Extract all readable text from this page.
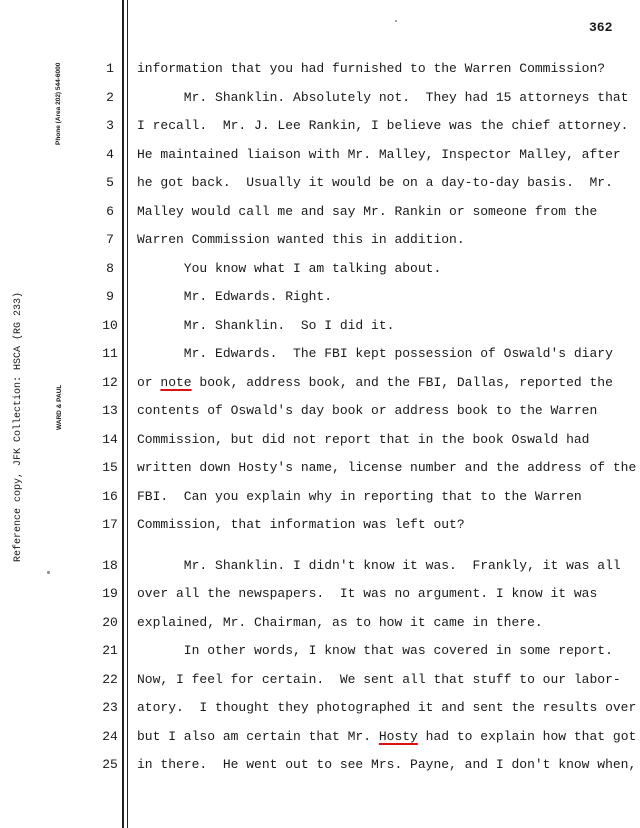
362
Phone (Area 202) 544-6000
WARD & PAUL
Reference copy, JFK Collection: HSCA (RG 233)
1	information that you had furnished to the Warren Commission?
2	Mr. Shanklin. Absolutely not.  They had 15 attorneys that
3	I recall.  Mr. J. Lee Rankin, I believe was the chief attorney.
4	He maintained liaison with Mr. Malley, Inspector Malley, after
5	he got back.  Usually it would be on a day-to-day basis.  Mr.
6	Malley would call me and say Mr. Rankin or someone from the
7	Warren Commission wanted this in addition.
8	You know what I am talking about.
9	Mr. Edwards. Right.
10	Mr. Shanklin.  So I did it.
11	Mr. Edwards.  The FBI kept possession of Oswald's diary
12	or note book, address book, and the FBI, Dallas, reported the
13	contents of Oswald's day book or address book to the Warren
14	Commission, but did not report that in the book Oswald had
15	written down Hosty's name, license number and the address of the
16	FBI.  Can you explain why in reporting that to the Warren
17	Commission, that information was left out?
18	Mr. Shanklin. I didn't know it was.  Frankly, it was all
19	over all the newspapers.  It was no argument. I know it was
20	explained, Mr. Chairman, as to how it came in there.
21	In other words, I know that was covered in some report.
22	Now, I feel for certain.  We sent all that stuff to our labor-
23	atory.  I thought they photographed it and sent the results over
24	but I also am certain that Mr. Hosty had to explain how that got
25	in there.  He went out to see Mrs. Payne, and I don't know when,
